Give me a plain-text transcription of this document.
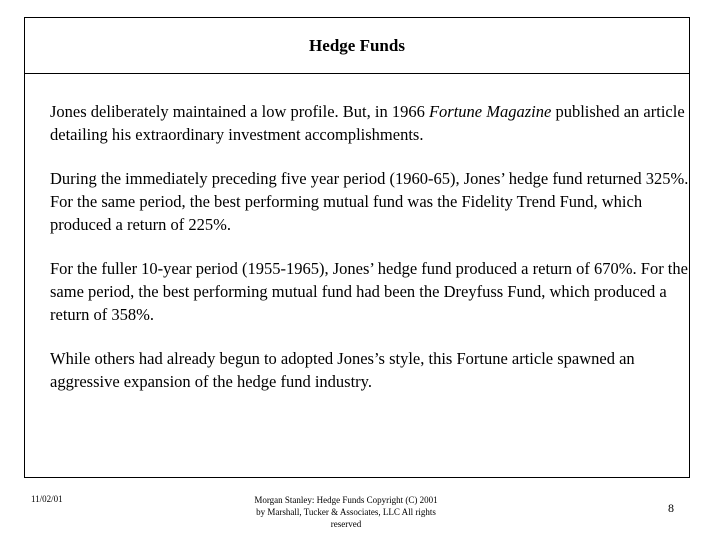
Hedge Funds

Jones deliberately maintained a low profile. But, in 1966 Fortune Magazine published an article detailing his extraordinary investment accomplishments.

During the immediately preceding five year period (1960-65), Jones’ hedge fund returned 325%. For the same period, the best performing mutual fund was the Fidelity Trend Fund, which produced a return of 225%.

For the fuller 10-year period (1955-1965), Jones’ hedge fund produced a return of 670%. For the same period, the best performing mutual fund had been the Dreyfuss Fund, which produced a return of 358%.

While others had already begun to adopted Jones’s style, this Fortune article spawned an aggressive expansion of the hedge fund industry.

11/02/01	Morgan Stanley: Hedge Funds Copyright (C) 2001
by Marshall, Tucker & Associates, LLC All rights
reserved
8
